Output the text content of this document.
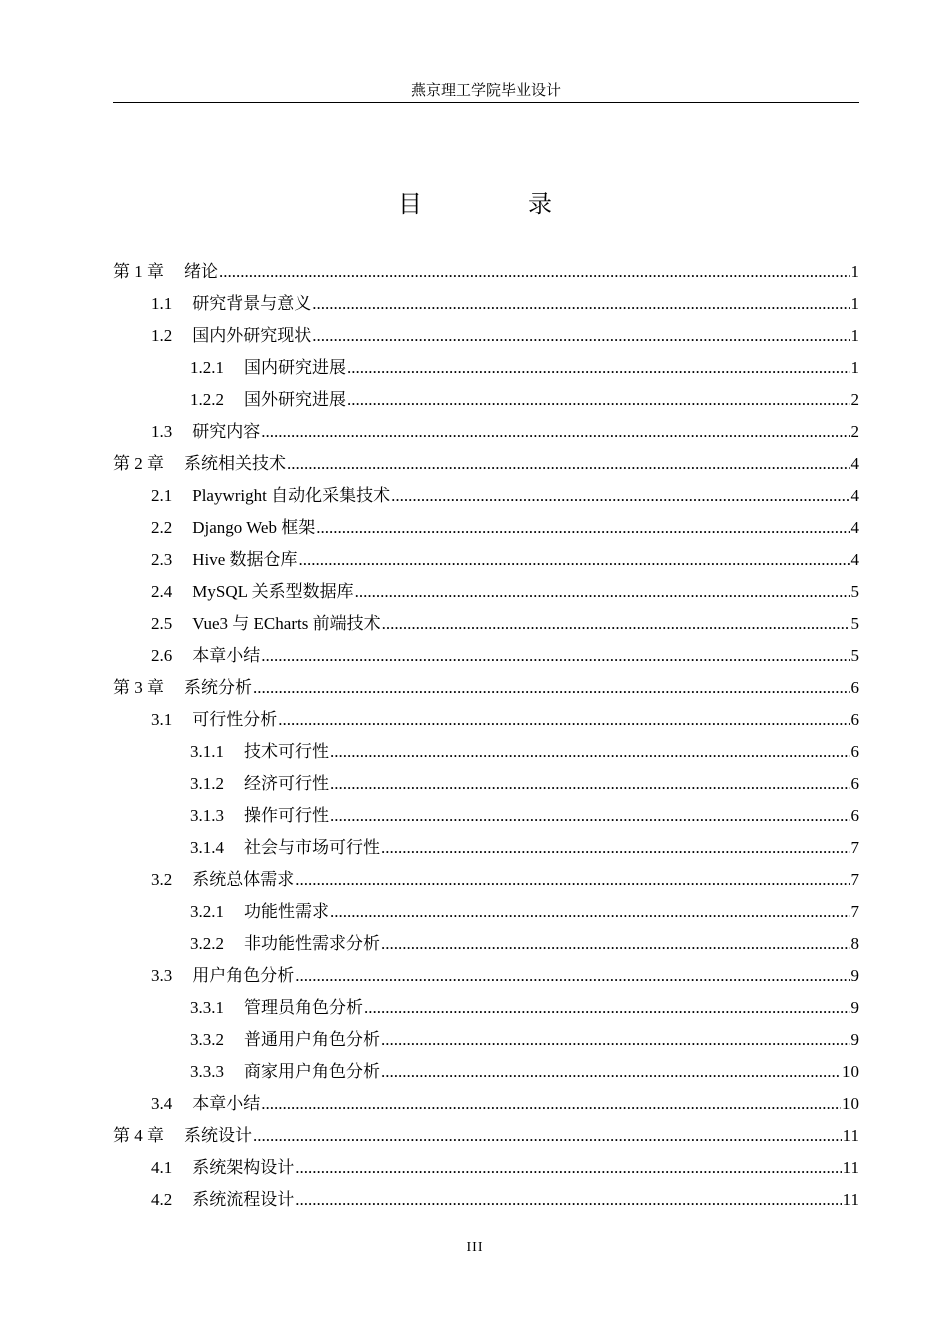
燕京理工学院毕业设计
目 录
第 1 章 绪论 .....	1
1.1 研究背景与意义 .....	1
1.2 国内外研究现状 .....	1
1.2.1 国内研究进展 .....	1
1.2.2 国外研究进展 .....	2
1.3 研究内容 .....	2
第 2 章 系统相关技术 .....	4
2.1 Playwright 自动化采集技术 .....	4
2.2 Django Web 框架 .....	4
2.3 Hive 数据仓库 .....	4
2.4 MySQL 关系型数据库 .....	5
2.5 Vue3 与 ECharts 前端技术 .....	5
2.6 本章小结 .....	5
第 3 章 系统分析 .....	6
3.1 可行性分析 .....	6
3.1.1 技术可行性 .....	6
3.1.2 经济可行性 .....	6
3.1.3 操作可行性 .....	6
3.1.4 社会与市场可行性 .....	7
3.2 系统总体需求 .....	7
3.2.1 功能性需求 .....	7
3.2.2 非功能性需求分析 .....	8
3.3 用户角色分析 .....	9
3.3.1 管理员角色分析 .....	9
3.3.2 普通用户角色分析 .....	9
3.3.3 商家用户角色分析 .....	10
3.4 本章小结 .....	10
第 4 章 系统设计 .....	11
4.1 系统架构设计 .....	11
4.2 系统流程设计 .....	11
III
